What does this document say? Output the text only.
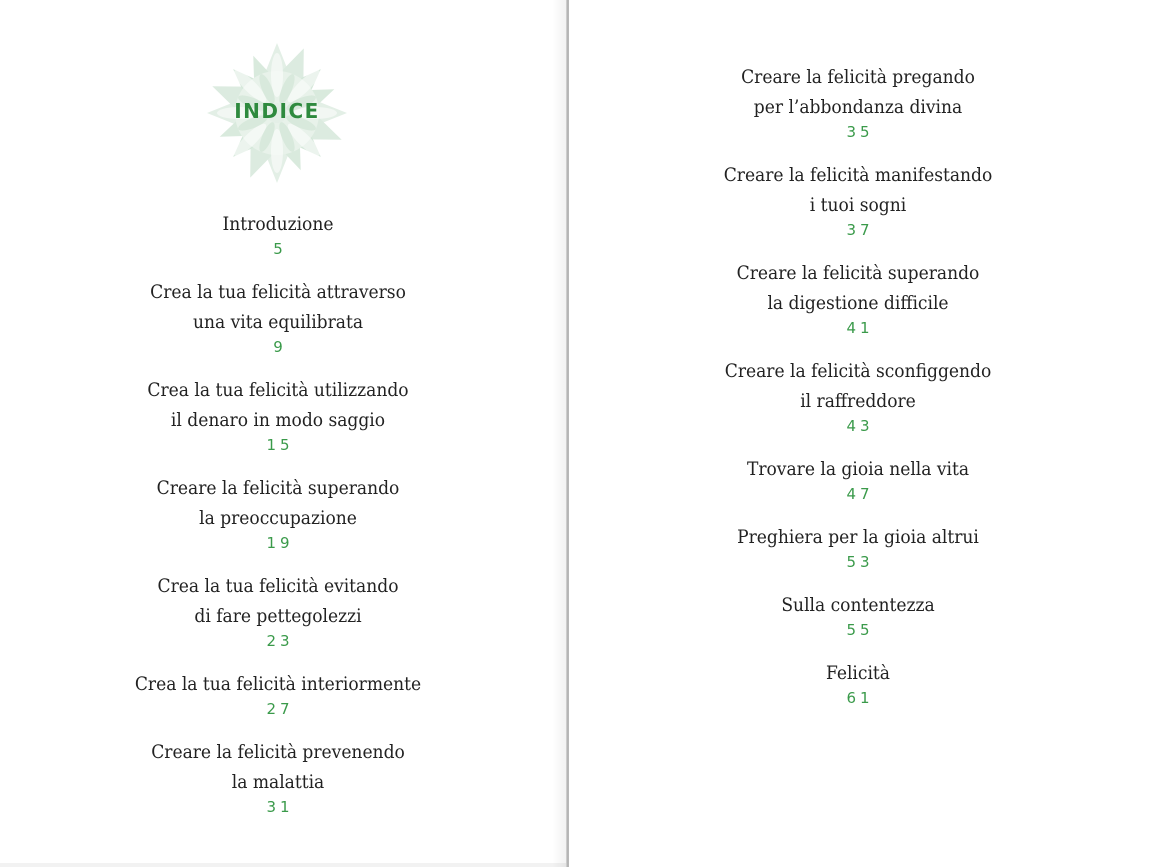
INDICE
Introduzione
5
Crea la tua felicità attraverso
una vita equilibrata
9
Crea la tua felicità utilizzando
il denaro in modo saggio
15
Creare la felicità superando
la preoccupazione
19
Crea la tua felicità evitando
di fare pettegolezzi
23
Crea la tua felicità interiormente
27
Creare la felicità prevenendo
la malattia
31
Creare la felicità pregando
per l’abbondanza divina
35
Creare la felicità manifestando
i tuoi sogni
37
Creare la felicità superando
la digestione difficile
41
Creare la felicità sconfiggendo
il raffreddore
43
Trovare la gioia nella vita
47
Preghiera per la gioia altrui
53
Sulla contentezza
55
Felicità
61
